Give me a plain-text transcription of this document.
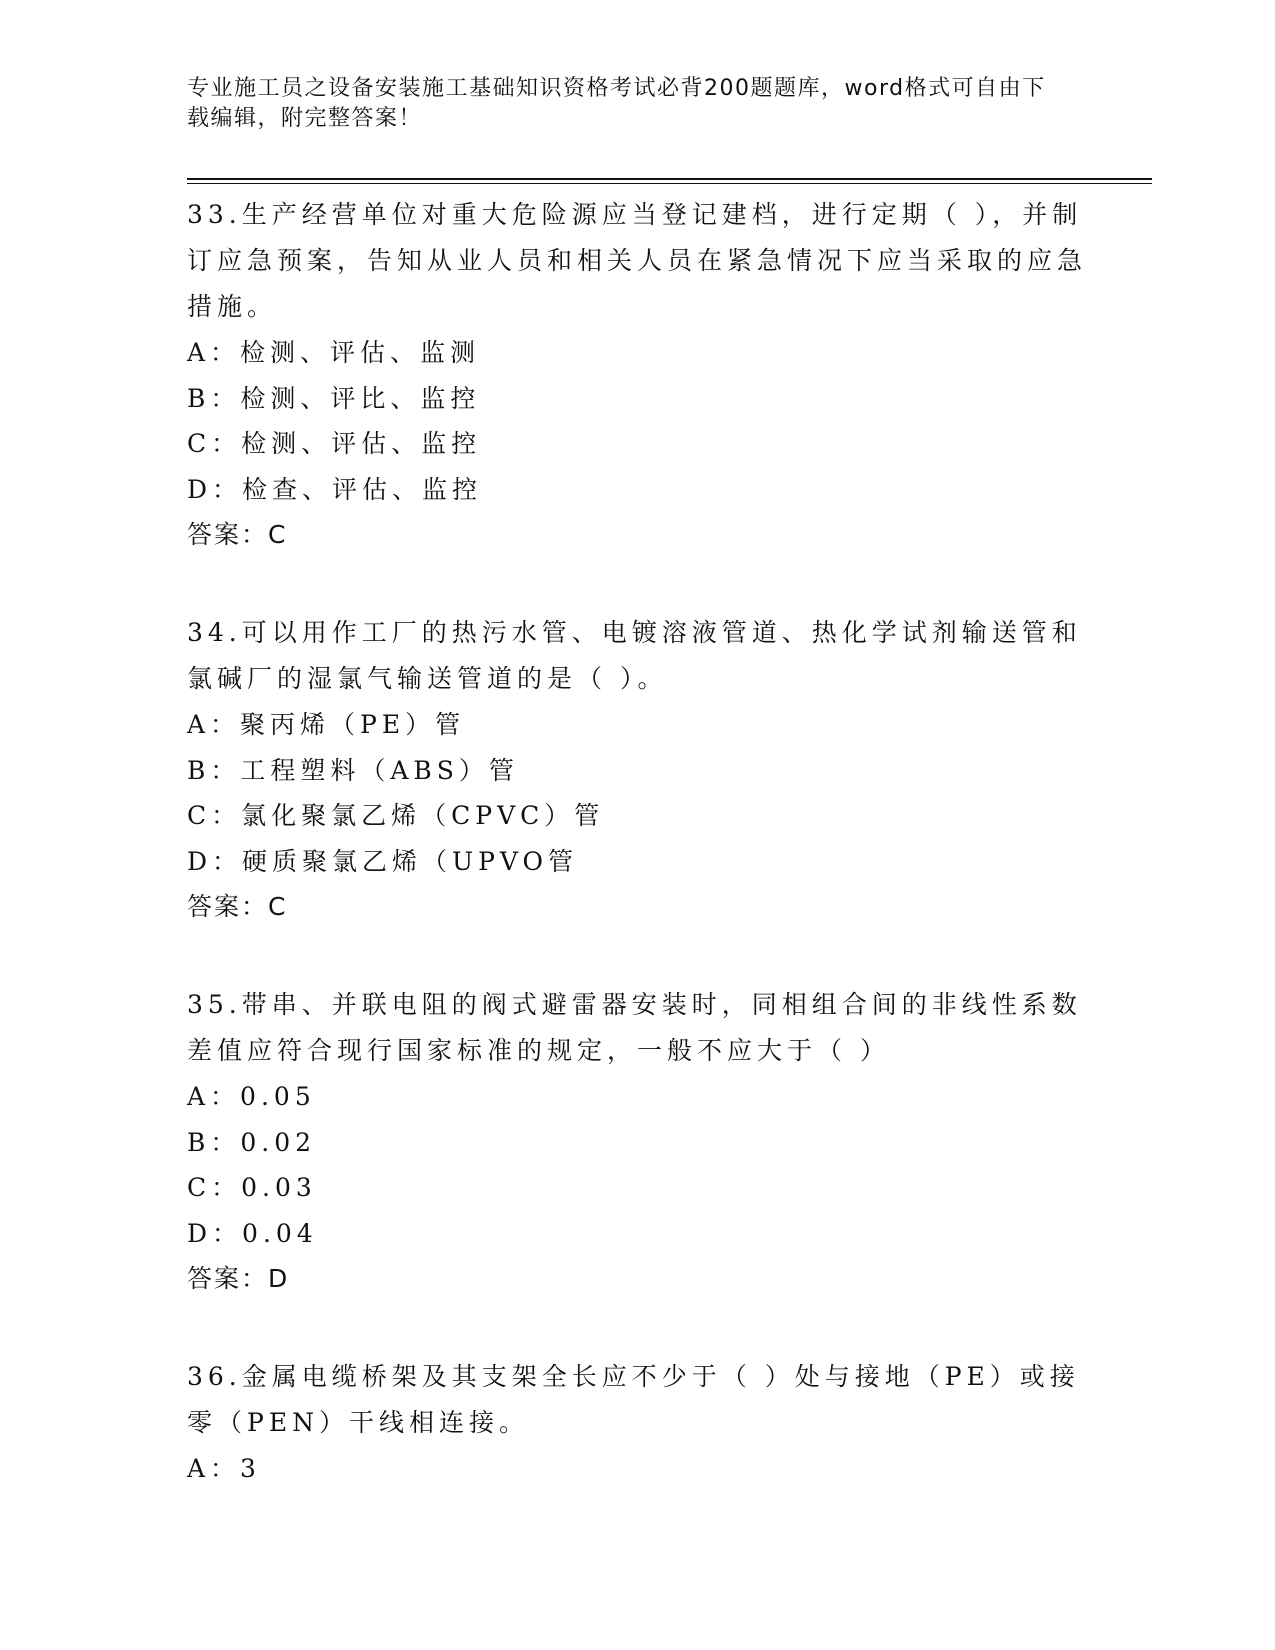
专业施工员之设备安装施工基础知识资格考试必背200题题库，word格式可自由下载编辑，附完整答案！

33.生产经营单位对重大危险源应当登记建档，进行定期（ ），并制订应急预案，告知从业人员和相关人员在紧急情况下应当采取的应急措施。

A：检测、评估、监测

B：检测、评比、监控

C：检测、评估、监控

D：检查、评估、监控

答案：C

34.可以用作工厂的热污水管、电镀溶液管道、热化学试剂输送管和氯碱厂的湿氯气输送管道的是（ ）。

A：聚丙烯（PE）管

B：工程塑料（ABS）管

C：氯化聚氯乙烯（CPVC）管

D：硬质聚氯乙烯（UPVO管

答案：C

35.带串、并联电阻的阀式避雷器安装时，同相组合间的非线性系数差值应符合现行国家标准的规定，一般不应大于（ ）

A：0.05

B：0.02

C：0.03

D：0.04

答案：D

36.金属电缆桥架及其支架全长应不少于（ ）处与接地（PE）或接零（PEN）干线相连接。

A：3
